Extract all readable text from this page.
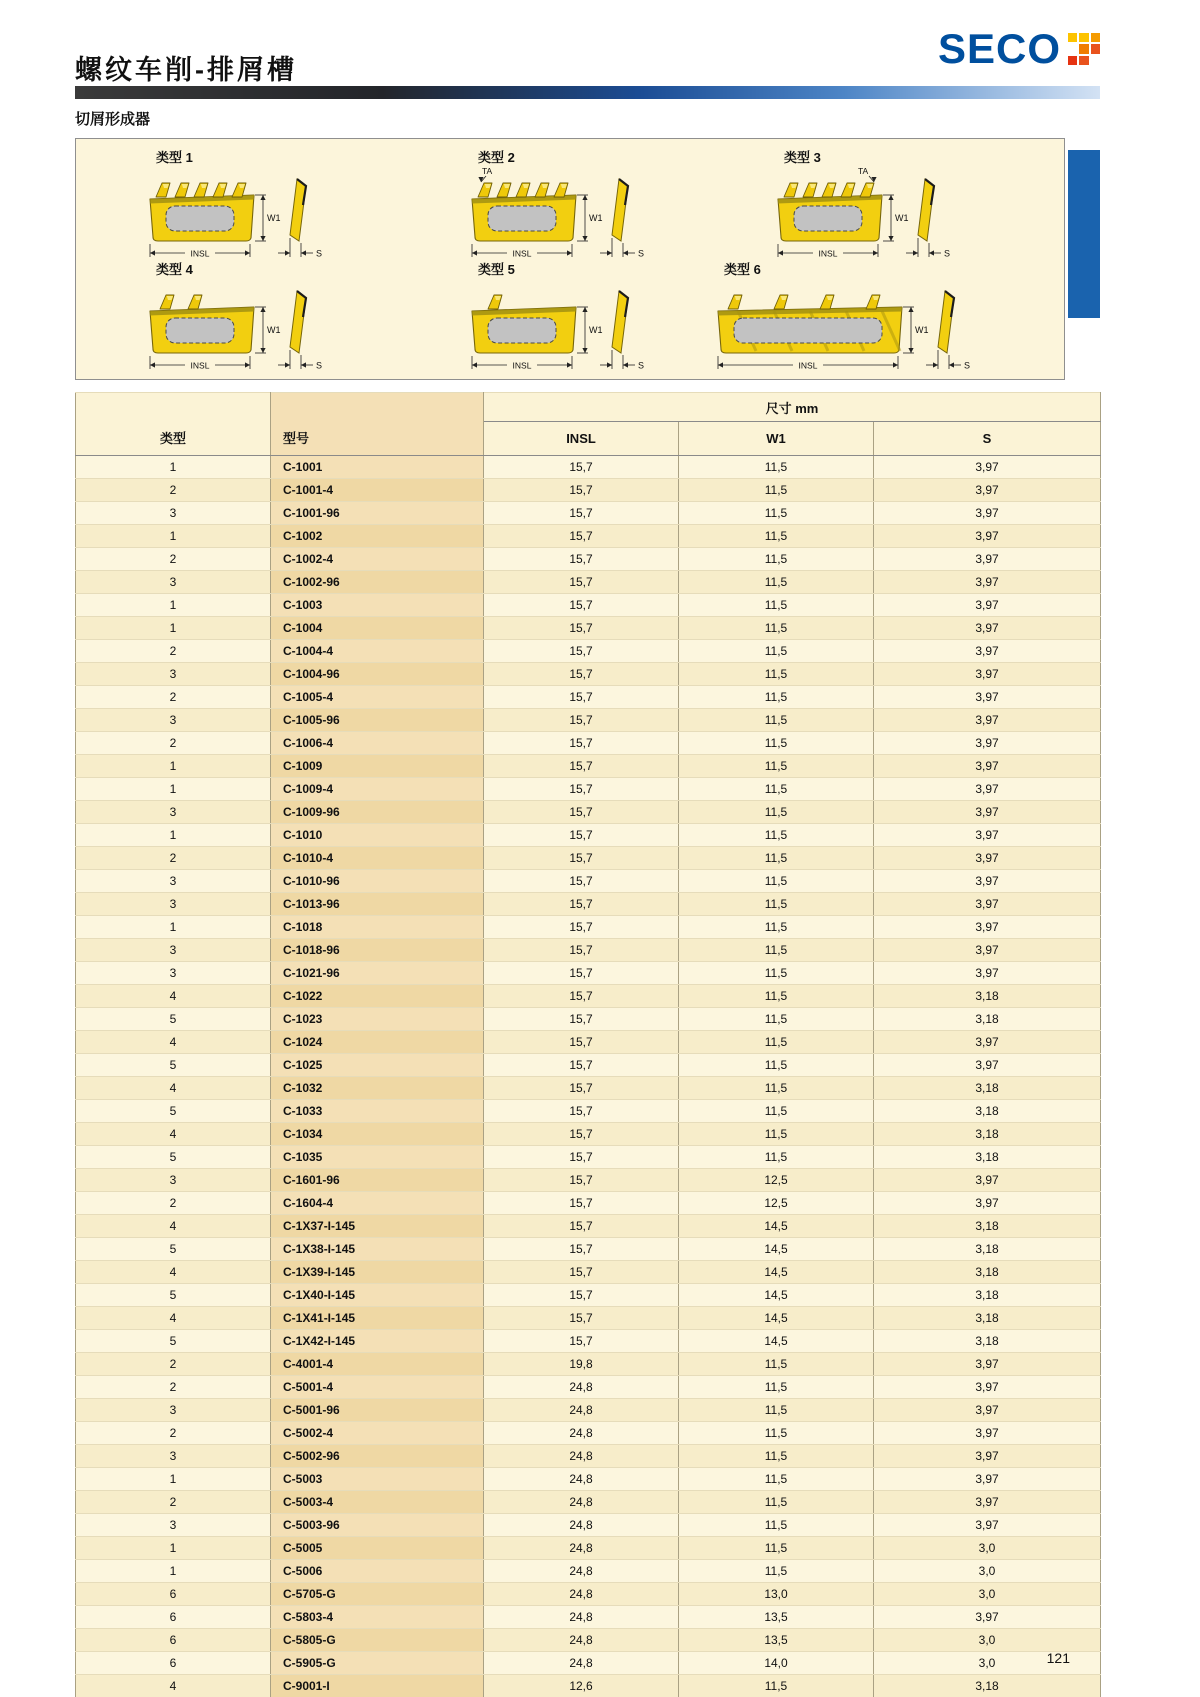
螺纹车削-排屑槽	SECO
切屑形成器
类型 1
W1
INSL	S
类型 2
W1
INSL	S
TA
类型 3
W1
INSL	S
TA
类型 4
W1
INSL	S
类型 5
W1
INSL	S
类型 6
W1
INSL	S
类型	型号	尺寸 mm		
		INSL	W1	S
1	C-1001	15,7	11,5	3,97
2	C-1001-4	15,7	11,5	3,97
3	C-1001-96	15,7	11,5	3,97
1	C-1002	15,7	11,5	3,97
2	C-1002-4	15,7	11,5	3,97
3	C-1002-96	15,7	11,5	3,97
1	C-1003	15,7	11,5	3,97
1	C-1004	15,7	11,5	3,97
2	C-1004-4	15,7	11,5	3,97
3	C-1004-96	15,7	11,5	3,97
2	C-1005-4	15,7	11,5	3,97
3	C-1005-96	15,7	11,5	3,97
2	C-1006-4	15,7	11,5	3,97
1	C-1009	15,7	11,5	3,97
1	C-1009-4	15,7	11,5	3,97
3	C-1009-96	15,7	11,5	3,97
1	C-1010	15,7	11,5	3,97
2	C-1010-4	15,7	11,5	3,97
3	C-1010-96	15,7	11,5	3,97
3	C-1013-96	15,7	11,5	3,97
1	C-1018	15,7	11,5	3,97
3	C-1018-96	15,7	11,5	3,97
3	C-1021-96	15,7	11,5	3,97
4	C-1022	15,7	11,5	3,18
5	C-1023	15,7	11,5	3,18
4	C-1024	15,7	11,5	3,97
5	C-1025	15,7	11,5	3,97
4	C-1032	15,7	11,5	3,18
5	C-1033	15,7	11,5	3,18
4	C-1034	15,7	11,5	3,18
5	C-1035	15,7	11,5	3,18
3	C-1601-96	15,7	12,5	3,97
2	C-1604-4	15,7	12,5	3,97
4	C-1X37-I-145	15,7	14,5	3,18
5	C-1X38-I-145	15,7	14,5	3,18
4	C-1X39-I-145	15,7	14,5	3,18
5	C-1X40-I-145	15,7	14,5	3,18
4	C-1X41-I-145	15,7	14,5	3,18
5	C-1X42-I-145	15,7	14,5	3,18
2	C-4001-4	19,8	11,5	3,97
2	C-5001-4	24,8	11,5	3,97
3	C-5001-96	24,8	11,5	3,97
2	C-5002-4	24,8	11,5	3,97
3	C-5002-96	24,8	11,5	3,97
1	C-5003	24,8	11,5	3,97
2	C-5003-4	24,8	11,5	3,97
3	C-5003-96	24,8	11,5	3,97
1	C-5005	24,8	11,5	3,0
1	C-5006	24,8	11,5	3,0
6	C-5705-G	24,8	13,0	3,0
6	C-5803-4	24,8	13,5	3,97
6	C-5805-G	24,8	13,5	3,0
6	C-5905-G	24,8	14,0	3,0
4	C-9001-I	12,6	11,5	3,18
121
